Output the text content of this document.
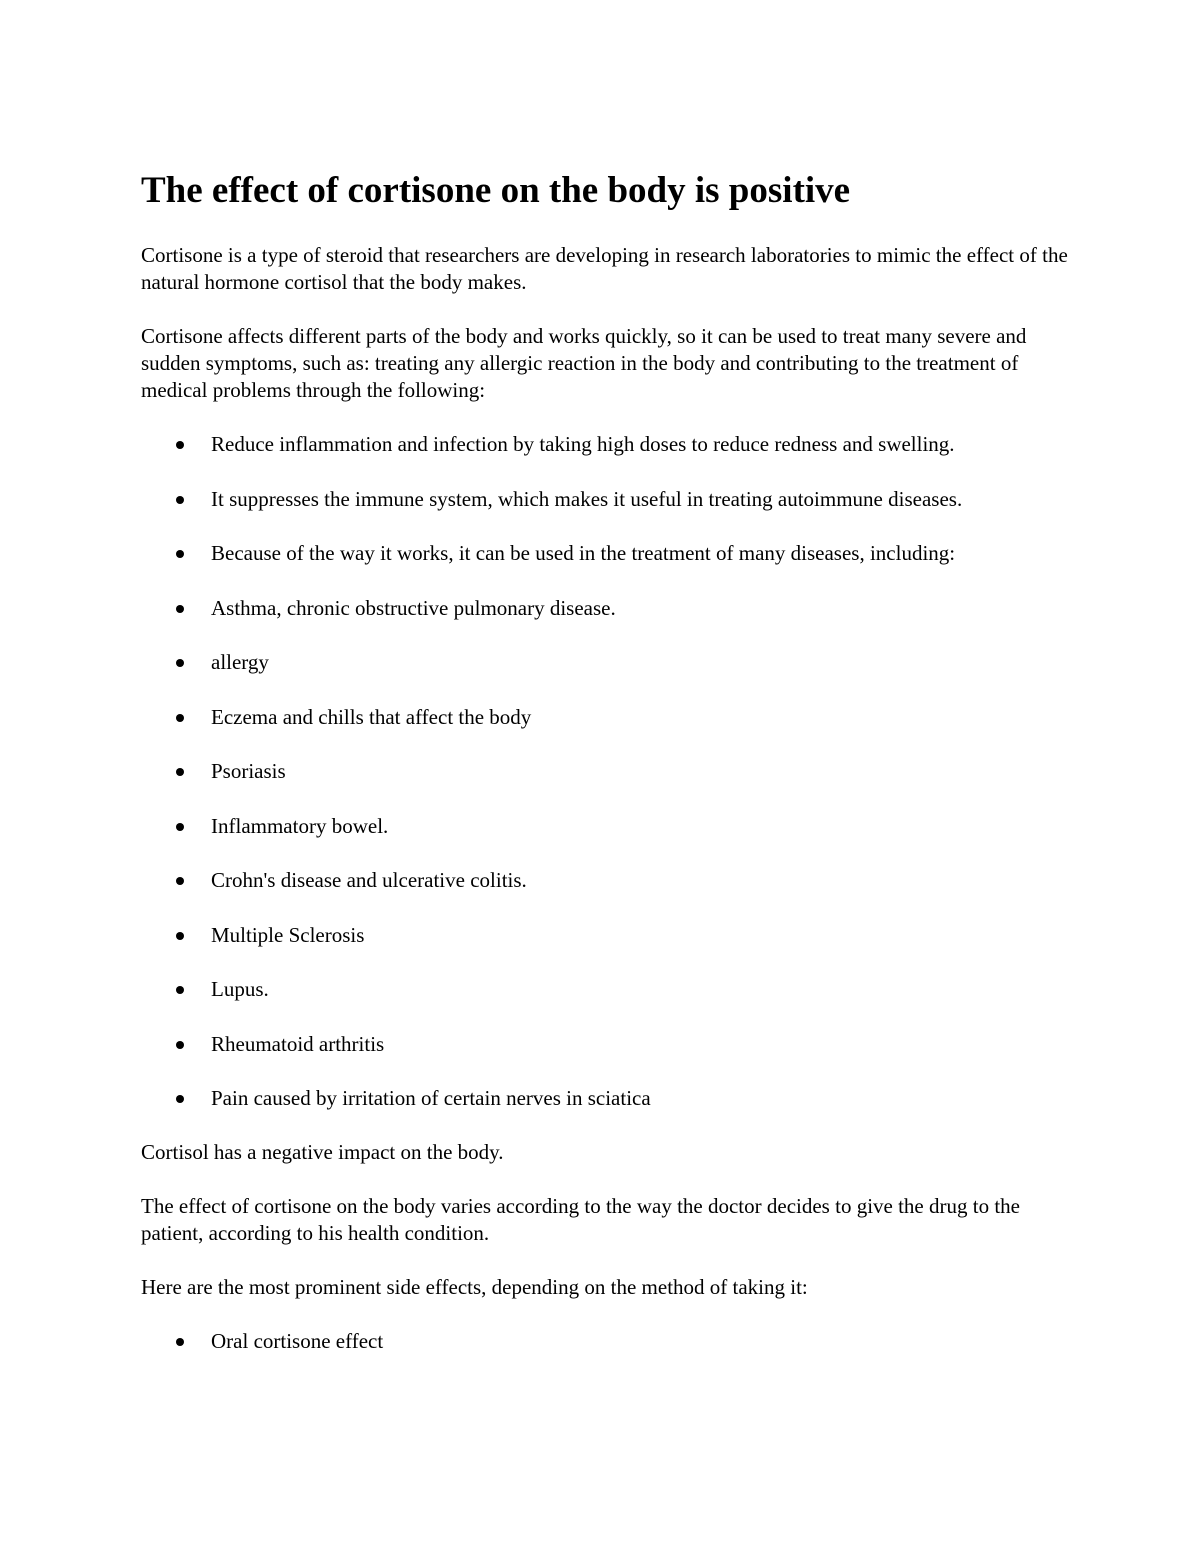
The effect of cortisone on the body is positive

Cortisone is a type of steroid that researchers are developing in research laboratories to mimic the effect of the natural hormone cortisol that the body makes.

Cortisone affects different parts of the body and works quickly, so it can be used to treat many severe and sudden symptoms, such as: treating any allergic reaction in the body and contributing to the treatment of medical problems through the following:

Reduce inflammation and infection by taking high doses to reduce redness and swelling.
It suppresses the immune system, which makes it useful in treating autoimmune diseases.
Because of the way it works, it can be used in the treatment of many diseases, including:
Asthma, chronic obstructive pulmonary disease.
allergy
Eczema and chills that affect the body
Psoriasis
Inflammatory bowel.
Crohn's disease and ulcerative colitis.
Multiple Sclerosis
Lupus.
Rheumatoid arthritis
Pain caused by irritation of certain nerves in sciatica

Cortisol has a negative impact on the body.

The effect of cortisone on the body varies according to the way the doctor decides to give the drug to the patient, according to his health condition.

Here are the most prominent side effects, depending on the method of taking it:

Oral cortisone effect
